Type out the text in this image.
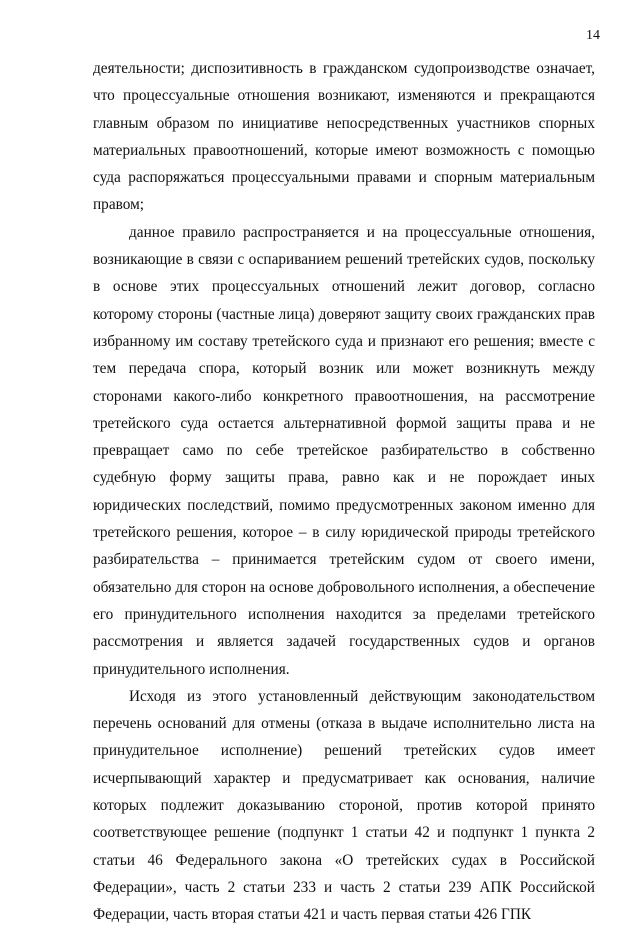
14

деятельности; диспозитивность в гражданском судопроизводстве означает, что процессуальные отношения возникают, изменяются и прекращаются главным образом по инициативе непосредственных участников спорных материальных правоотношений, которые имеют возможность с помощью суда распоряжаться процессуальными правами и спорным материальным правом;

данное правило распространяется и на процессуальные отношения, возникающие в связи с оспариванием решений третейских судов, поскольку в основе этих процессуальных отношений лежит договор, согласно которому стороны (частные лица) доверяют защиту своих гражданских прав избранному им составу третейского суда и признают его решения; вместе с тем передача спора, который возник или может возникнуть между сторонами какого-либо конкретного правоотношения, на рассмотрение третейского суда остается альтернативной формой защиты права и не превращает само по себе третейское разбирательство в собственно судебную форму защиты права, равно как и не порождает иных юридических последствий, помимо предусмотренных законом именно для третейского решения, которое – в силу юридической природы третейского разбирательства – принимается третейским судом от своего имени, обязательно для сторон на основе добровольного исполнения, а обеспечение его принудительного исполнения находится за пределами третейского рассмотрения и является задачей государственных судов и органов принудительного исполнения.

Исходя из этого установленный действующим законодательством перечень оснований для отмены (отказа в выдаче исполнительно листа на принудительное исполнение) решений третейских судов имеет исчерпывающий характер и предусматривает как основания, наличие которых подлежит доказыванию стороной, против которой принято соответствующее решение (подпункт 1 статьи 42 и подпункт 1 пункта 2 статьи 46 Федерального закона «О третейских судах в Российской Федерации», часть 2 статьи 233 и часть 2 статьи 239 АПК Российской Федерации, часть вторая статьи 421 и часть первая статьи 426 ГПК
